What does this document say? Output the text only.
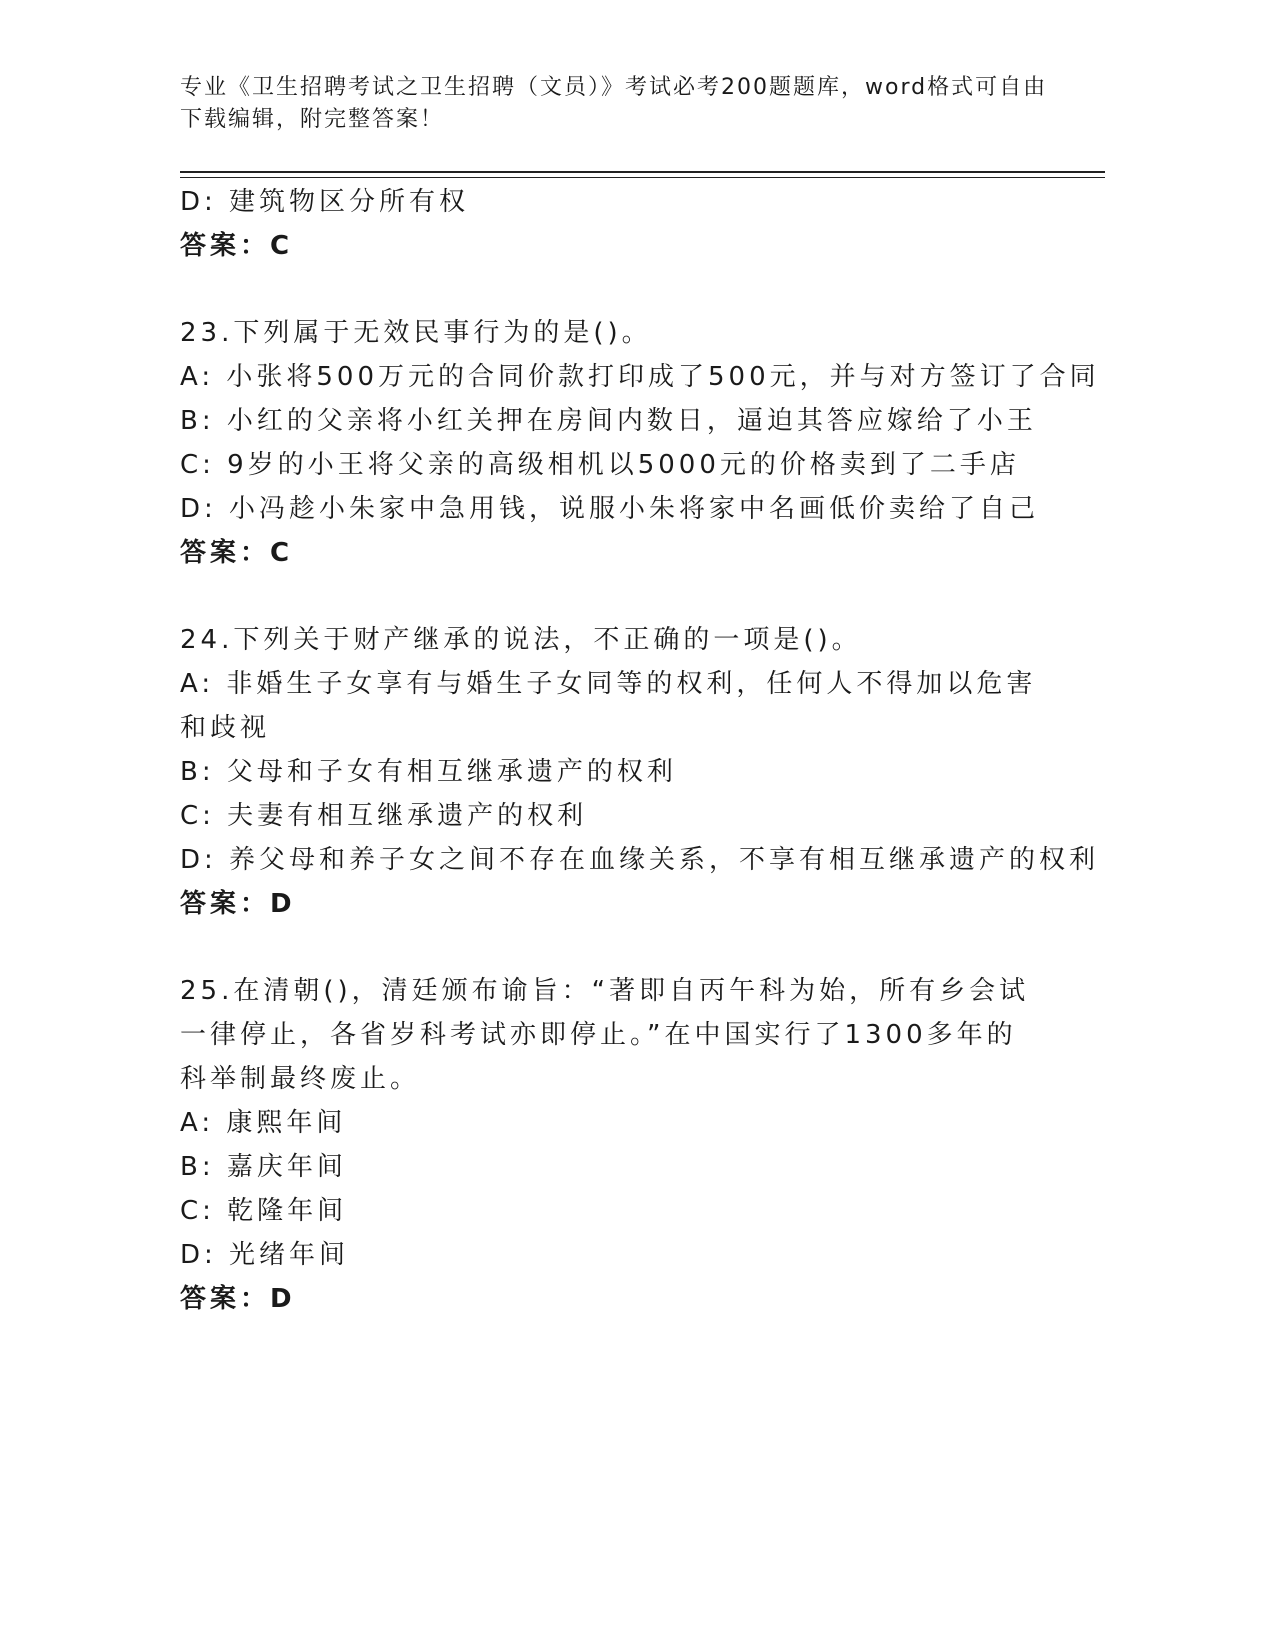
专业《卫生招聘考试之卫生招聘（文员）》考试必考200题题库，word格式可自由下载编辑，附完整答案！
D: 建筑物区分所有权
答案：C
23.下列属于无效民事行为的是()。
A: 小张将500万元的合同价款打印成了500元，并与对方签订了合同
B: 小红的父亲将小红关押在房间内数日，逼迫其答应嫁给了小王
C: 9岁的小王将父亲的高级相机以5000元的价格卖到了二手店
D: 小冯趁小朱家中急用钱，说服小朱将家中名画低价卖给了自己
答案：C
24.下列关于财产继承的说法，不正确的一项是()。
A: 非婚生子女享有与婚生子女同等的权利，任何人不得加以危害和歧视
B: 父母和子女有相互继承遗产的权利
C: 夫妻有相互继承遗产的权利
D: 养父母和养子女之间不存在血缘关系，不享有相互继承遗产的权利
答案：D
25.在清朝()，清廷颁布谕旨：“著即自丙午科为始，所有乡会试一律停止，各省岁科考试亦即停止。”在中国实行了1300多年的科举制最终废止。
A: 康熙年间
B: 嘉庆年间
C: 乾隆年间
D: 光绪年间
答案：D
